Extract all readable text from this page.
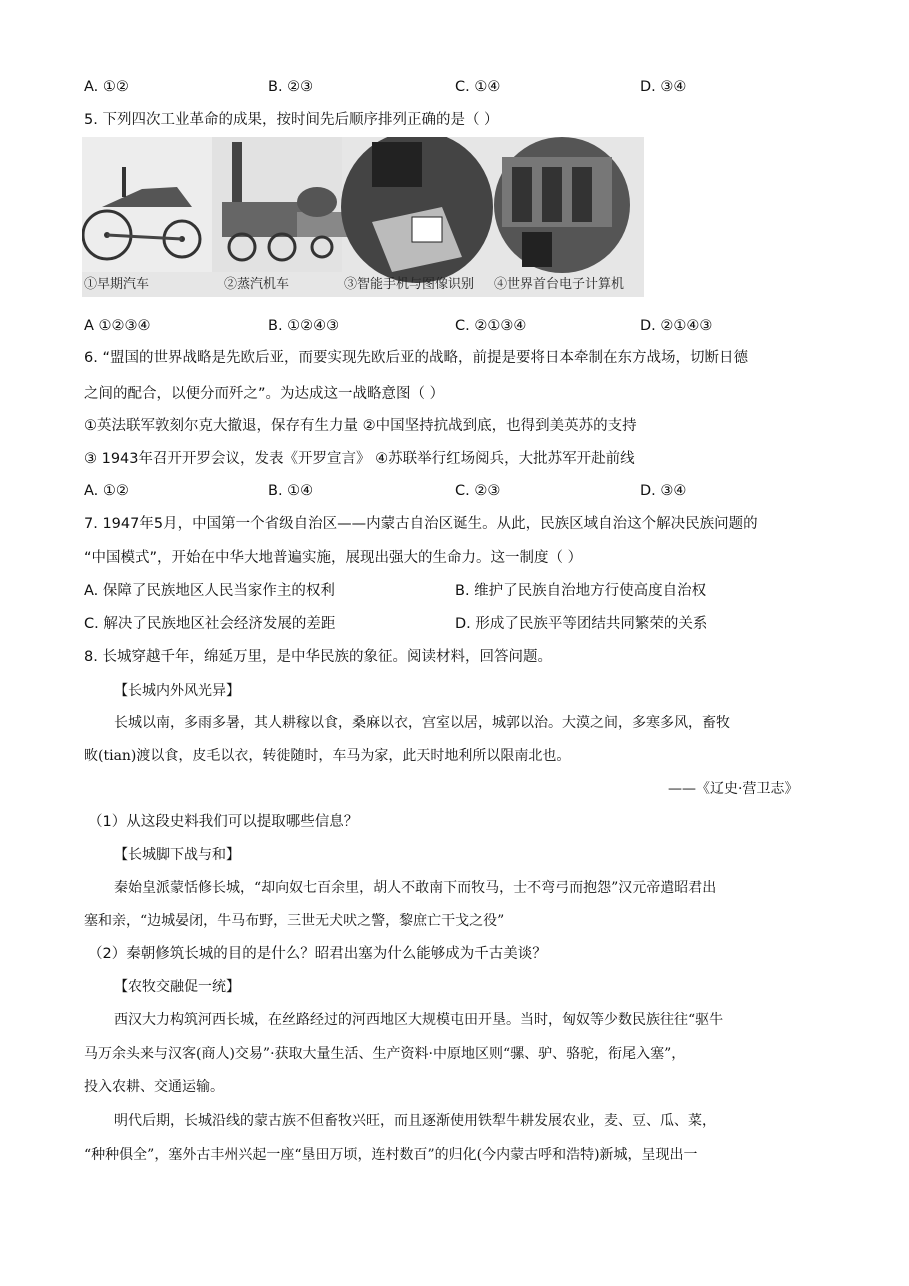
A. ①②	B. ②③	C. ①④	D. ③④
5. 下列四次工业革命的成果，按时间先后顺序排列正确的是（ ）
①早期汽车	②蒸汽机车	③智能手机与图像识别 ④世界首台电子计算机
A ①②③④	B. ①②④③	C. ②①③④	D. ②①④③
6. “盟国的世界战略是先欧后亚，而要实现先欧后亚的战略，前提是要将日本牵制在东方战场，切断日德
之间的配合，以便分而歼之”。为达成这一战略意图（ ）
①英法联军敦刻尔克大撤退，保存有生力量 ②中国坚持抗战到底，也得到美英苏的支持
③ 1943年召开开罗会议，发表《开罗宣言》 ④苏联举行红场阅兵，大批苏军开赴前线
A. ①②	B. ①④	C. ②③	D. ③④
7. 1947年5月，中国第一个省级自治区——内蒙古自治区诞生。从此，民族区域自治这个解决民族问题的
“中国模式”，开始在中华大地普遍实施，展现出强大的生命力。这一制度（ ）
A. 保障了民族地区人民当家作主的权利	B. 维护了民族自治地方行使高度自治权
C. 解决了民族地区社会经济发展的差距	D. 形成了民族平等团结共同繁荣的关系
8. 长城穿越千年，绵延万里，是中华民族的象征。阅读材料，回答问题。
【长城内外风光异】
长城以南，多雨多暑，其人耕稼以食，桑麻以衣，宫室以居，城郭以治。大漠之间，多寒多风，畜牧
畋(tian)渡以食，皮毛以衣，转徙随时，车马为家，此天时地利所以限南北也。
——《辽史·营卫志》
（1）从这段史料我们可以提取哪些信息？
【长城脚下战与和】
秦始皇派蒙恬修长城，“却向奴七百余里，胡人不敢南下而牧马，士不弯弓而抱怨”汉元帝遣昭君出
塞和亲，“边城晏闭，牛马布野，三世无犬吠之警，黎庶亡干戈之役”
（2）秦朝修筑长城的目的是什么？昭君出塞为什么能够成为千古美谈？
【农牧交融促一统】
西汉大力构筑河西长城，在丝路经过的河西地区大规模屯田开垦。当时，匈奴等少数民族往往“驱牛
马万余头来与汉客(商人)交易”·获取大量生活、生产资料·中原地区则“骡、驴、骆驼，衔尾入塞”，
投入农耕、交通运输。
明代后期，长城沿线的蒙古族不但畜牧兴旺，而且逐渐使用铁犁牛耕发展农业，麦、豆、瓜、菜，
“种种俱全”，塞外古丰州兴起一座“垦田万顷，连村数百”的归化(今内蒙古呼和浩特)新城，呈现出一
